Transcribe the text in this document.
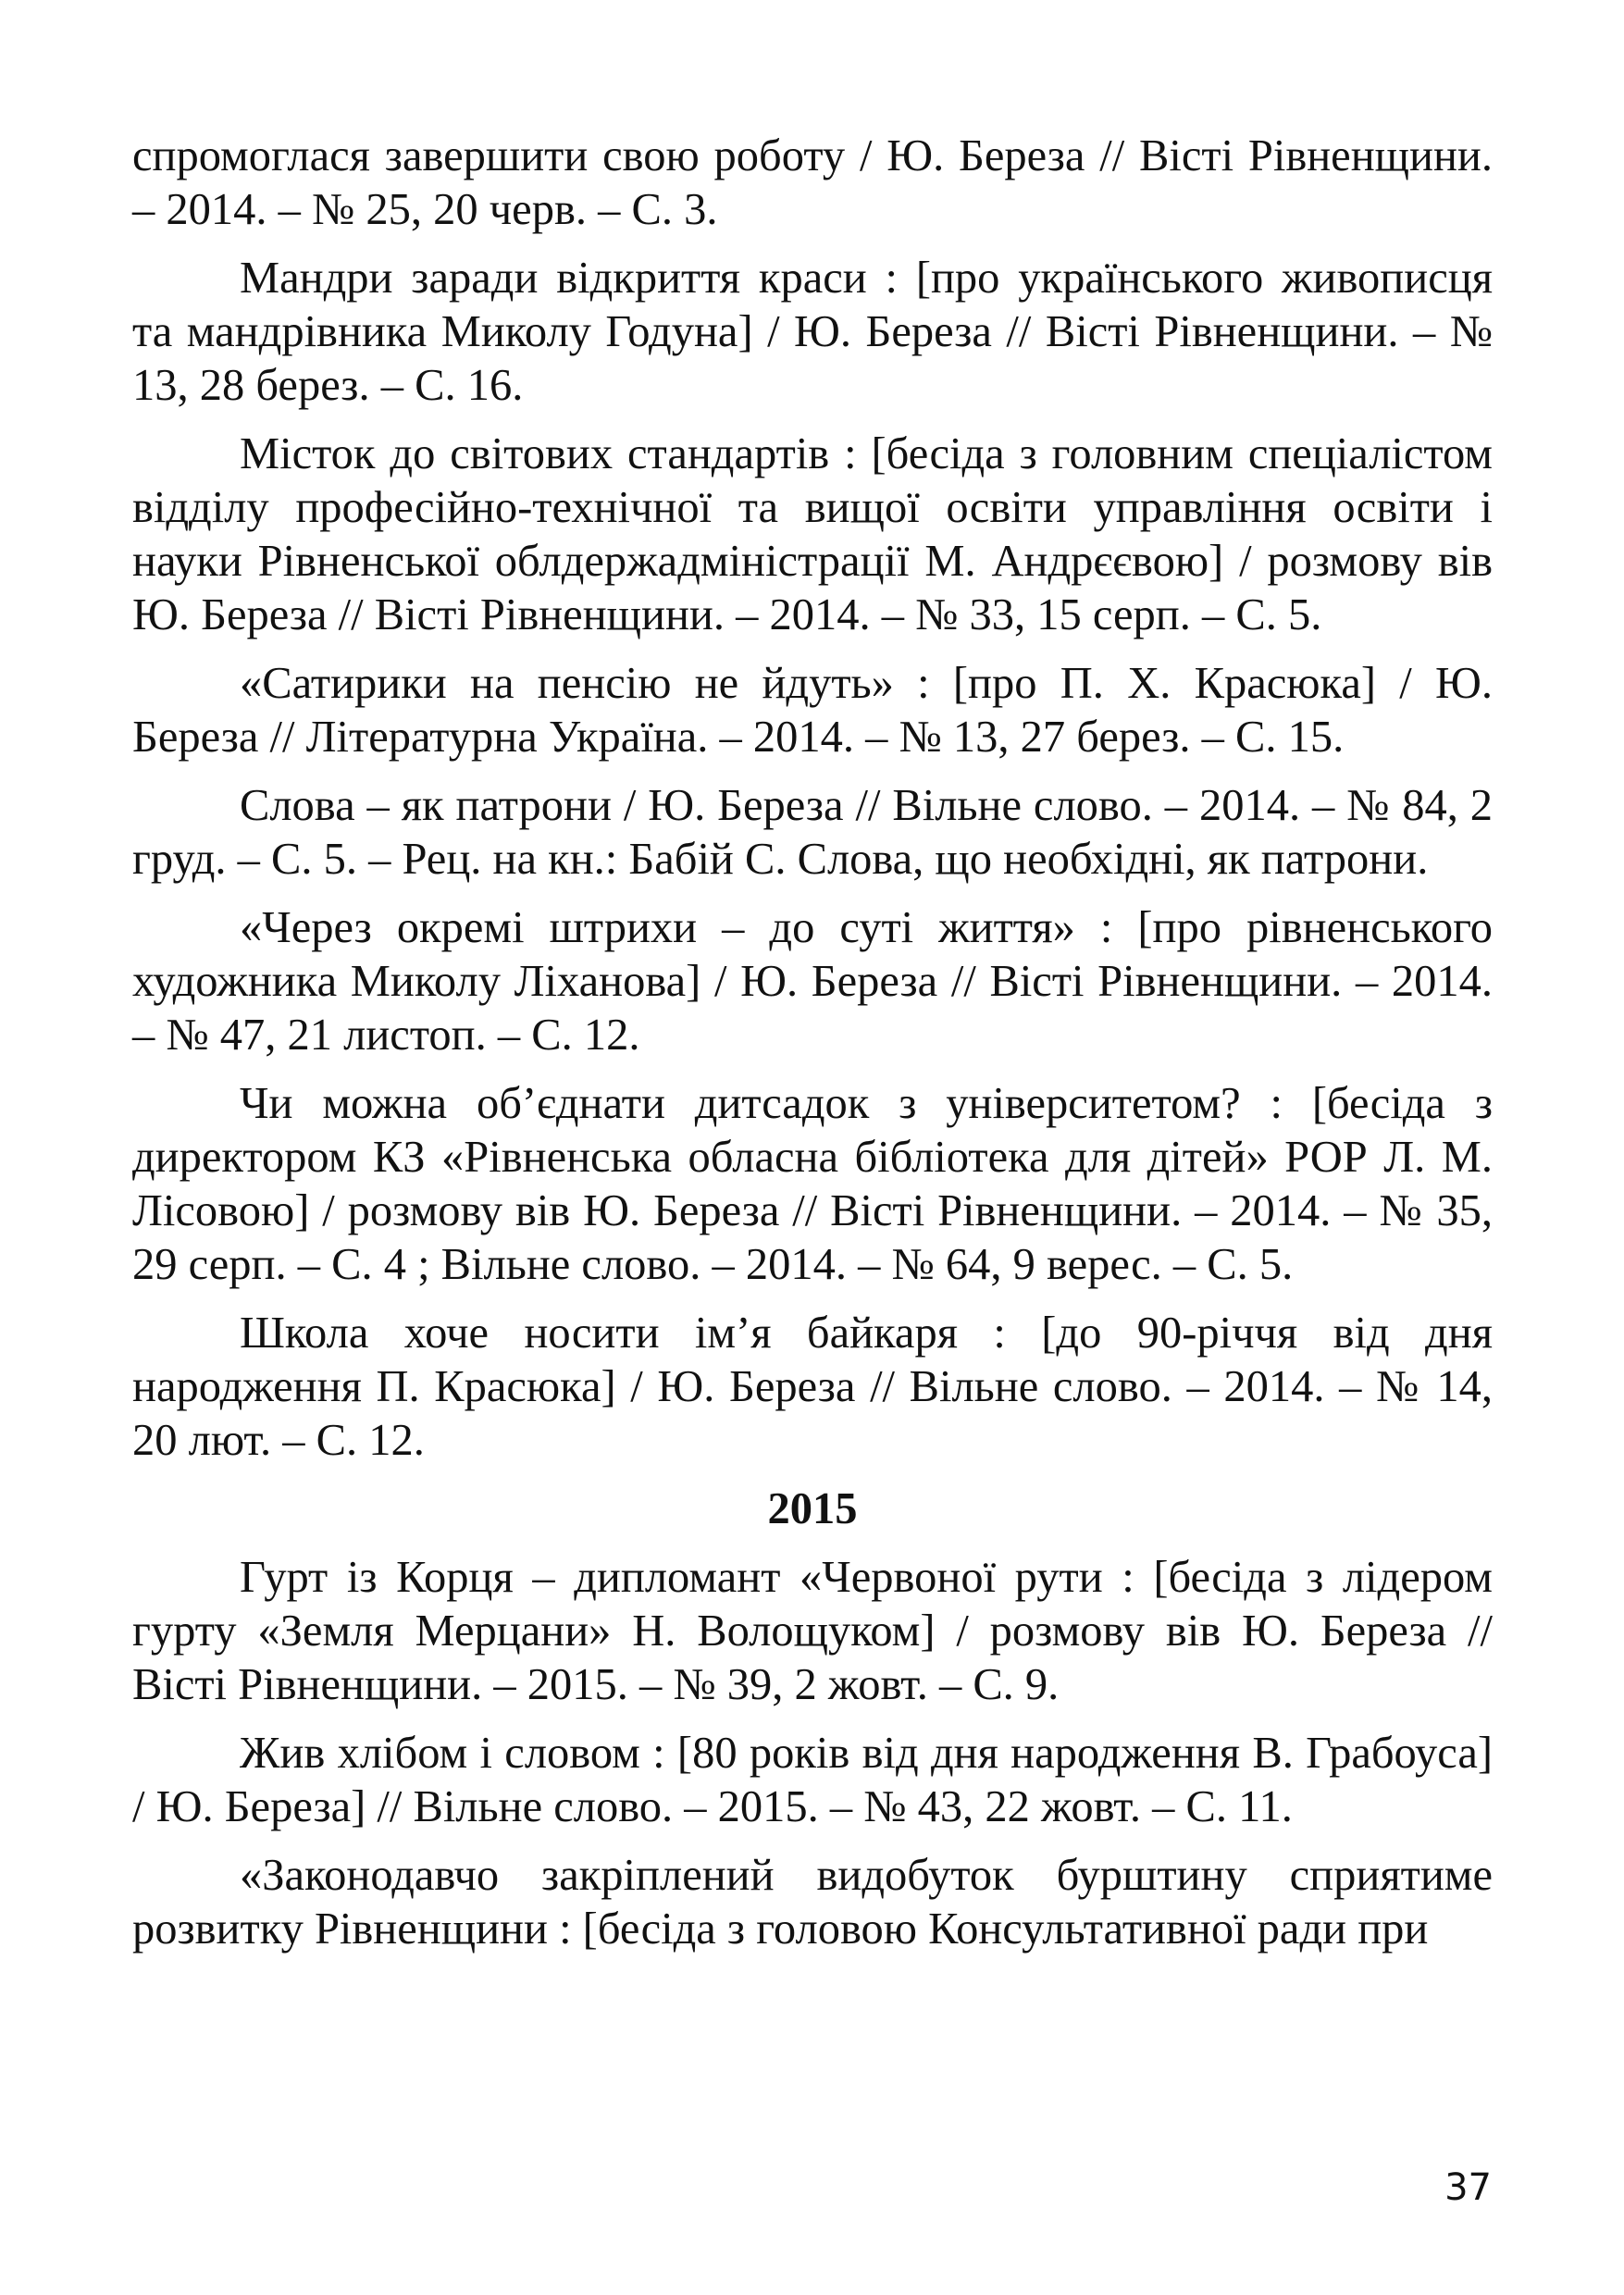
спромоглася завершити свою роботу / Ю. Береза // Вісті Рівненщини. – 2014. – № 25, 20 черв. – С. 3.

Мандри заради відкриття краси : [про українського живописця та мандрівника Миколу Годуна] / Ю. Береза // Вісті Рівненщини. – № 13, 28 берез. – С. 16.

Місток до світових стандартів : [бесіда з головним спеціалістом відділу професійно-технічної та вищої освіти управління освіти і науки Рівненської облдержадміністрації М. Андрєєвою] / розмову вів Ю. Береза // Вісті Рівненщини. – 2014. – № 33, 15 серп. – С. 5.

«Сатирики на пенсію не йдуть» : [про П. Х. Красюка] / Ю. Береза // Літературна Україна. – 2014. – № 13, 27 берез. – С. 15.

Слова – як патрони / Ю. Береза // Вільне слово. – 2014. – № 84, 2 груд. – С. 5. – Рец. на кн.: Бабій С. Слова, що необхідні, як патрони.

«Через окремі штрихи – до суті життя» : [про рівненського художника Миколу Ліханова] / Ю. Береза // Вісті Рівненщини. – 2014. – № 47, 21 листоп. – С. 12.

Чи можна об’єднати дитсадок з університетом? : [бесіда з директором КЗ «Рівненська обласна бібліотека для дітей» РОР Л. М. Лісовою] / розмову вів Ю. Береза // Вісті Рівненщини. – 2014. – № 35, 29 серп. – С. 4 ; Вільне слово. – 2014. – № 64, 9 верес. – С. 5.

Школа хоче носити ім’я байкаря : [до 90-річчя від дня народження П. Красюка] / Ю. Береза // Вільне слово. – 2014. – № 14, 20 лют. – С. 12.

2015

Гурт із Корця – дипломант «Червоної рути : [бесіда з лідером гурту «Земля Мерцани» Н. Волощуком] / розмову вів Ю. Береза // Вісті Рівненщини. – 2015. – № 39, 2 жовт. – С. 9.

Жив хлібом і словом : [80 років від дня народження В. Грабоуса] / Ю. Береза] // Вільне слово. – 2015. – № 43, 22 жовт. – С. 11.

«Законодавчо закріплений видобуток бурштину сприятиме розвитку Рівненщини : [бесіда з головою Консультативної ради при

37
